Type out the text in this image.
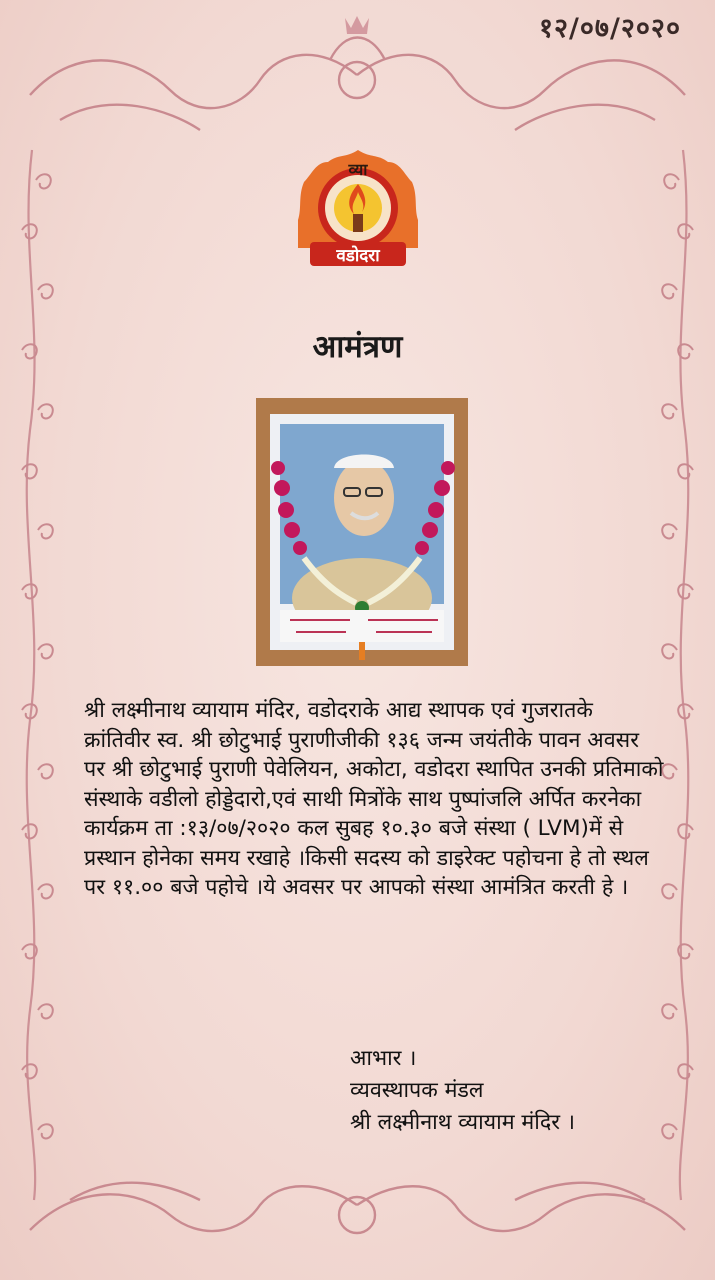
१२/०७/२०२०
व्या
वडोदरा
आमंत्रण

श्री लक्ष्मीनाथ व्यायाम मंदिर, वडोदराके आद्य स्थापक एवं गुजरातके क्रांतिवीर स्व. श्री छोटुभाई पुराणीजीकी १३६ जन्म जयंतीके पावन अवसर पर श्री छोटुभाई पुराणी पेवेलियन, अकोटा, वडोदरा स्थापित उनकी प्रतिमाको संस्थाके वडीलो होड्डेदारो,एवं साथी मित्रोंके साथ पुष्पांजलि अर्पित करनेका कार्यक्रम ता :१३/०७/२०२० कल सुबह १०.३० बजे संस्था ( LVM)में से प्रस्थान होनेका समय रखाहे ।किसी सदस्य को डाइरेक्ट पहोचना हे तो स्थल पर ११.०० बजे पहोचे ।ये अवसर पर आपको संस्था आमंत्रित करती हे ।

आभार ।
व्यवस्थापक मंडल
श्री लक्ष्मीनाथ व्यायाम मंदिर ।
